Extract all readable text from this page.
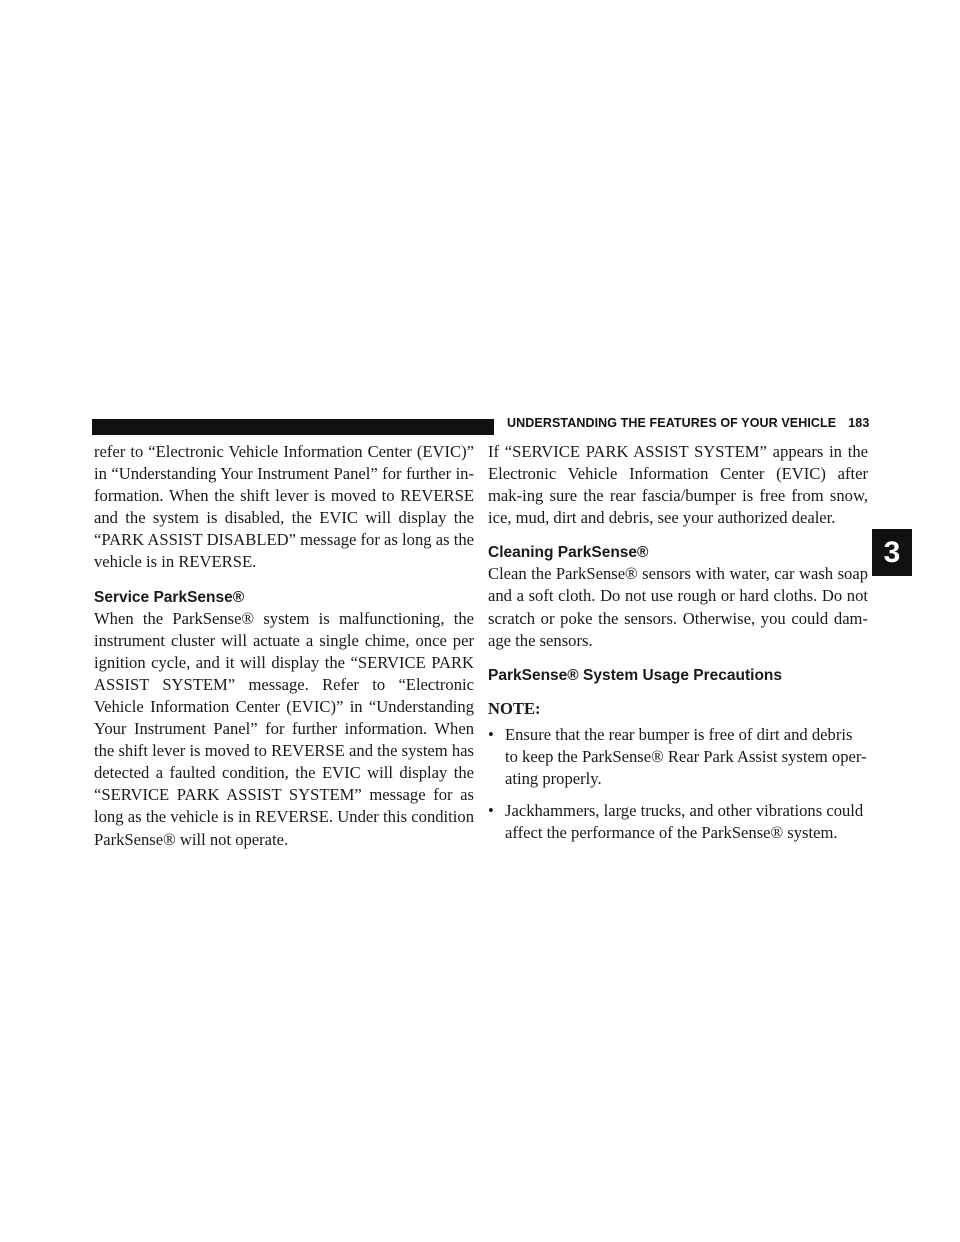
UNDERSTANDING THE FEATURES OF YOUR VEHICLE 183
3

refer to “Electronic Vehicle Information Center (EVIC)” in “Understanding Your Instrument Panel” for further in-formation. When the shift lever is moved to REVERSE and the system is disabled, the EVIC will display the “PARK ASSIST DISABLED” message for as long as the vehicle is in REVERSE.

Service ParkSense®

When the ParkSense® system is malfunctioning, the instrument cluster will actuate a single chime, once per ignition cycle, and it will display the “SERVICE PARK ASSIST SYSTEM” message. Refer to “Electronic Vehicle Information Center (EVIC)” in “Understanding Your Instrument Panel” for further information. When the shift lever is moved to REVERSE and the system has detected a faulted condition, the EVIC will display the “SERVICE PARK ASSIST SYSTEM” message for as long as the vehicle is in REVERSE. Under this condition ParkSense® will not operate.

If “SERVICE PARK ASSIST SYSTEM” appears in the Electronic Vehicle Information Center (EVIC) after mak-ing sure the rear fascia/bumper is free from snow, ice, mud, dirt and debris, see your authorized dealer.

Cleaning ParkSense®

Clean the ParkSense® sensors with water, car wash soap and a soft cloth. Do not use rough or hard cloths. Do not scratch or poke the sensors. Otherwise, you could dam-age the sensors.

ParkSense® System Usage Precautions
NOTE:
• Ensure that the rear bumper is free of dirt and debris to keep the ParkSense® Rear Park Assist system oper-ating properly.
• Jackhammers, large trucks, and other vibrations could affect the performance of the ParkSense® system.
